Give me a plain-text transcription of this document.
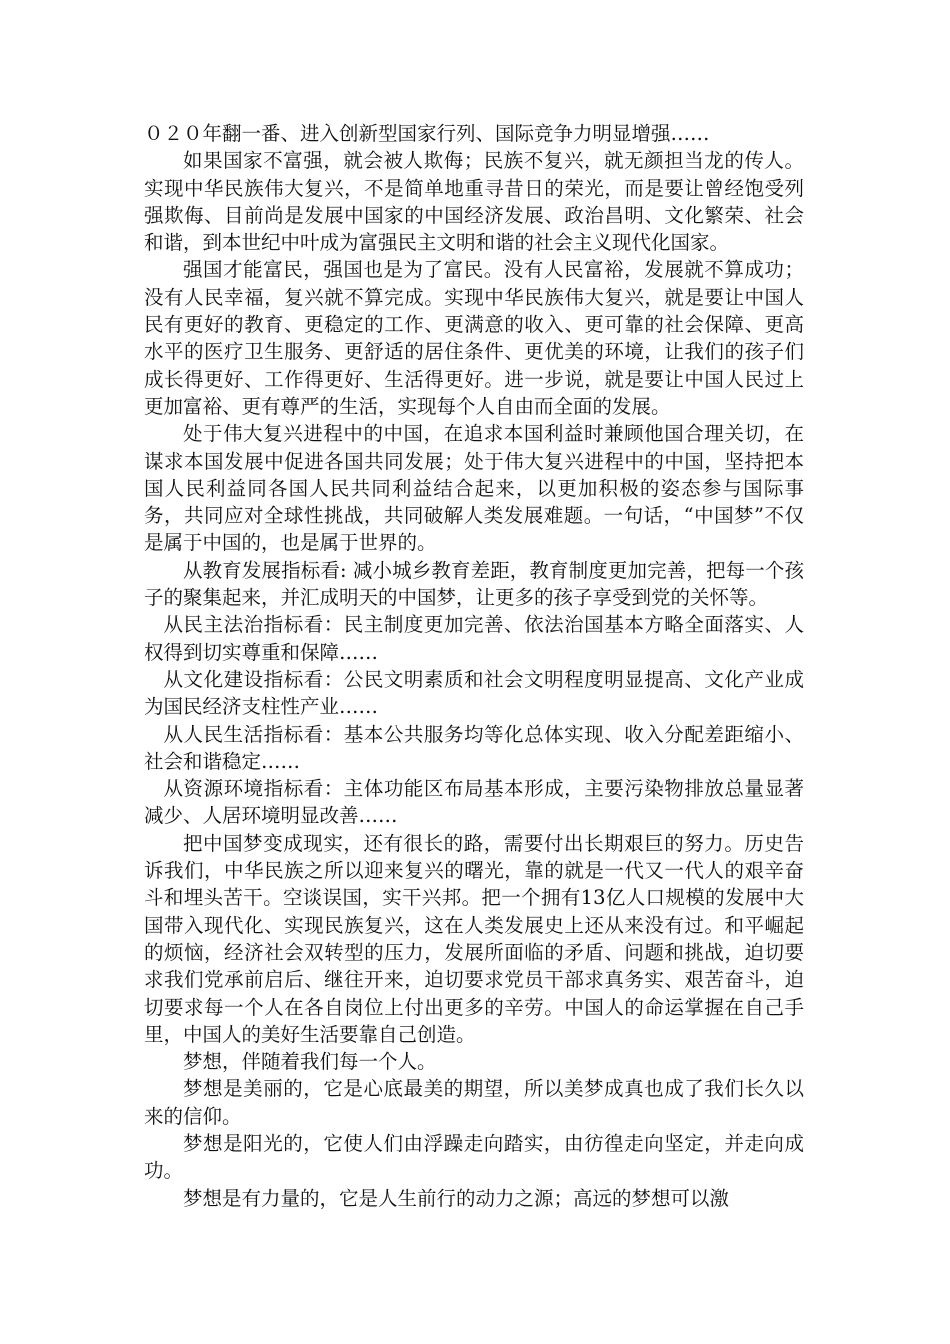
０２０年翻一番、进入创新型国家行列、国际竞争力明显增强……

如果国家不富强，就会被人欺侮；民族不复兴，就无颜担当龙的传人。实现中华民族伟大复兴，不是简单地重寻昔日的荣光，而是要让曾经饱受列强欺侮、目前尚是发展中国家的中国经济发展、政治昌明、文化繁荣、社会和谐，到本世纪中叶成为富强民主文明和谐的社会主义现代化国家。

强国才能富民，强国也是为了富民。没有人民富裕，发展就不算成功；没有人民幸福，复兴就不算完成。实现中华民族伟大复兴，就是要让中国人民有更好的教育、更稳定的工作、更满意的收入、更可靠的社会保障、更高水平的医疗卫生服务、更舒适的居住条件、更优美的环境，让我们的孩子们成长得更好、工作得更好、生活得更好。进一步说，就是要让中国人民过上更加富裕、更有尊严的生活，实现每个人自由而全面的发展。

处于伟大复兴进程中的中国，在追求本国利益时兼顾他国合理关切，在谋求本国发展中促进各国共同发展；处于伟大复兴进程中的中国，坚持把本国人民利益同各国人民共同利益结合起来，以更加积极的姿态参与国际事务，共同应对全球性挑战，共同破解人类发展难题。一句话，“中国梦”不仅是属于中国的，也是属于世界的。

从教育发展指标看: 减小城乡教育差距，教育制度更加完善，把每一个孩子的聚集起来，并汇成明天的中国梦，让更多的孩子享受到党的关怀等。

从民主法治指标看：民主制度更加完善、依法治国基本方略全面落实、人权得到切实尊重和保障……

从文化建设指标看：公民文明素质和社会文明程度明显提高、文化产业成为国民经济支柱性产业……

从人民生活指标看：基本公共服务均等化总体实现、收入分配差距缩小、社会和谐稳定……

从资源环境指标看：主体功能区布局基本形成，主要污染物排放总量显著减少、人居环境明显改善……

把中国梦变成现实，还有很长的路，需要付出长期艰巨的努力。历史告诉我们，中华民族之所以迎来复兴的曙光，靠的就是一代又一代人的艰辛奋斗和埋头苦干。空谈误国，实干兴邦。把一个拥有13亿人口规模的发展中大国带入现代化、实现民族复兴，这在人类发展史上还从来没有过。和平崛起的烦恼，经济社会双转型的压力，发展所面临的矛盾、问题和挑战，迫切要求我们党承前启后、继往开来，迫切要求党员干部求真务实、艰苦奋斗，迫切要求每一个人在各自岗位上付出更多的辛劳。中国人的命运掌握在自己手里，中国人的美好生活要靠自己创造。

梦想，伴随着我们每一个人。

梦想是美丽的，它是心底最美的期望，所以美梦成真也成了我们长久以来的信仰。

梦想是阳光的，它使人们由浮躁走向踏实，由彷徨走向坚定，并走向成功。

梦想是有力量的，它是人生前行的动力之源；高远的梦想可以激
